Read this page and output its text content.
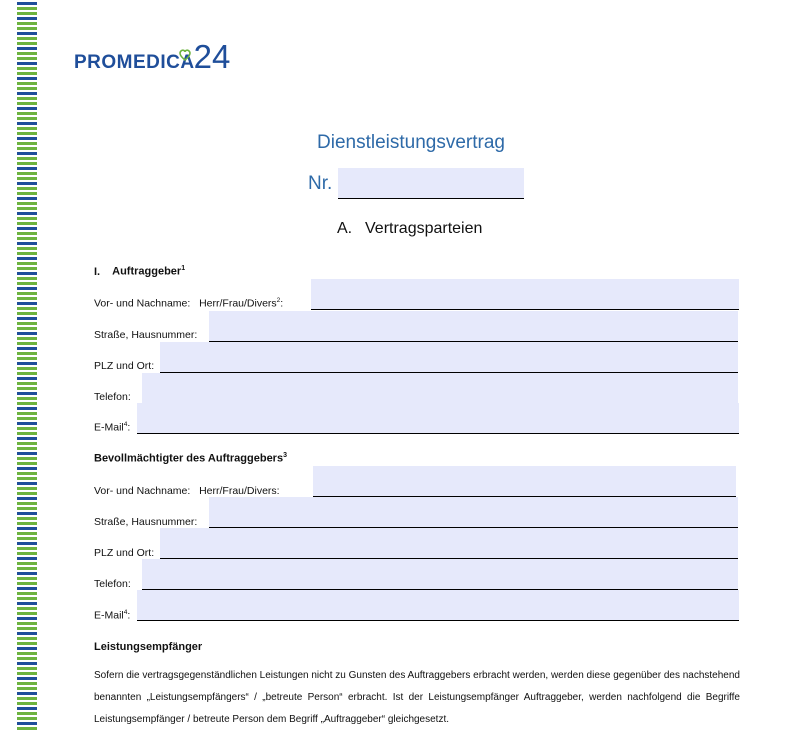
PROMEDICA 24
Dienstleistungsvertrag
Nr.
A. Vertragsparteien
I. Auftraggeber$^1$
Vor- und Nachname: Herr/Frau/Divers$^2$:
Straße, Hausnummer:
PLZ und Ort:
Telefon:
E-Mail$^4$:
Bevollmächtigter des Auftraggebers$^3$
Vor- und Nachname: Herr/Frau/Divers:
Straße, Hausnummer:
PLZ und Ort:
Telefon:
E-Mail$^4$:
Leistungsempfänger
Sofern die vertragsgegenständlichen Leistungen nicht zu Gunsten des Auftraggebers erbracht werden, werden diese gegenüber des nachstehend benannten „Leistungsempfängers“ / „betreute Person“ erbracht. Ist der Leistungsempfänger Auftraggeber, werden nachfolgend die Begriffe Leistungsempfänger / betreute Person dem Begriff „Auftraggeber“ gleichgesetzt.
